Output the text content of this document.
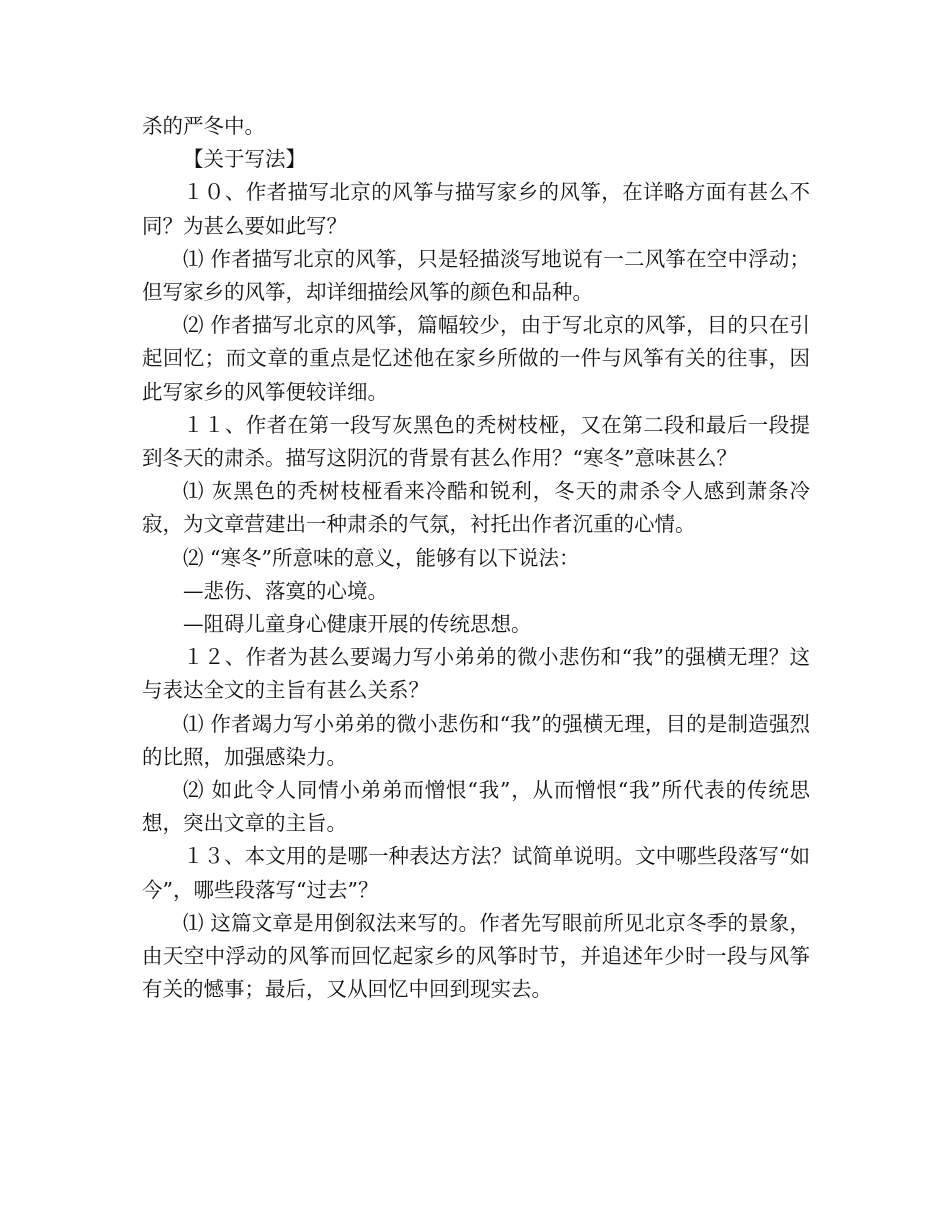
杀的严冬中。

【关于写法】

１０、作者描写北京的风筝与描写家乡的风筝，在详略方面有甚么不同？为甚么要如此写？

⑴ 作者描写北京的风筝，只是轻描淡写地说有一二风筝在空中浮动；但写家乡的风筝，却详细描绘风筝的颜色和品种。

⑵ 作者描写北京的风筝，篇幅较少，由于写北京的风筝，目的只在引起回忆；而文章的重点是忆述他在家乡所做的一件与风筝有关的往事，因此写家乡的风筝便较详细。

１１、作者在第一段写灰黑色的秃树枝桠，又在第二段和最后一段提到冬天的肃杀。描写这阴沉的背景有甚么作用？“寒冬”意味甚么？

⑴ 灰黑色的秃树枝桠看来冷酷和锐利，冬天的肃杀令人感到萧条冷寂，为文章营建出一种肃杀的气氛，衬托出作者沉重的心情。

⑵ “寒冬”所意味的意义，能够有以下说法：

—悲伤、落寞的心境。

—阻碍儿童身心健康开展的传统思想。

１２、作者为甚么要竭力写小弟弟的微小悲伤和“我”的强横无理？这与表达全文的主旨有甚么关系？

⑴ 作者竭力写小弟弟的微小悲伤和“我”的强横无理，目的是制造强烈的比照，加强感染力。

⑵ 如此令人同情小弟弟而憎恨“我”，从而憎恨“我”所代表的传统思想，突出文章的主旨。

１３、本文用的是哪一种表达方法？试简单说明。文中哪些段落写“如今”，哪些段落写“过去”？

⑴ 这篇文章是用倒叙法来写的。作者先写眼前所见北京冬季的景象，由天空中浮动的风筝而回忆起家乡的风筝时节，并追述年少时一段与风筝有关的憾事；最后，又从回忆中回到现实去。
